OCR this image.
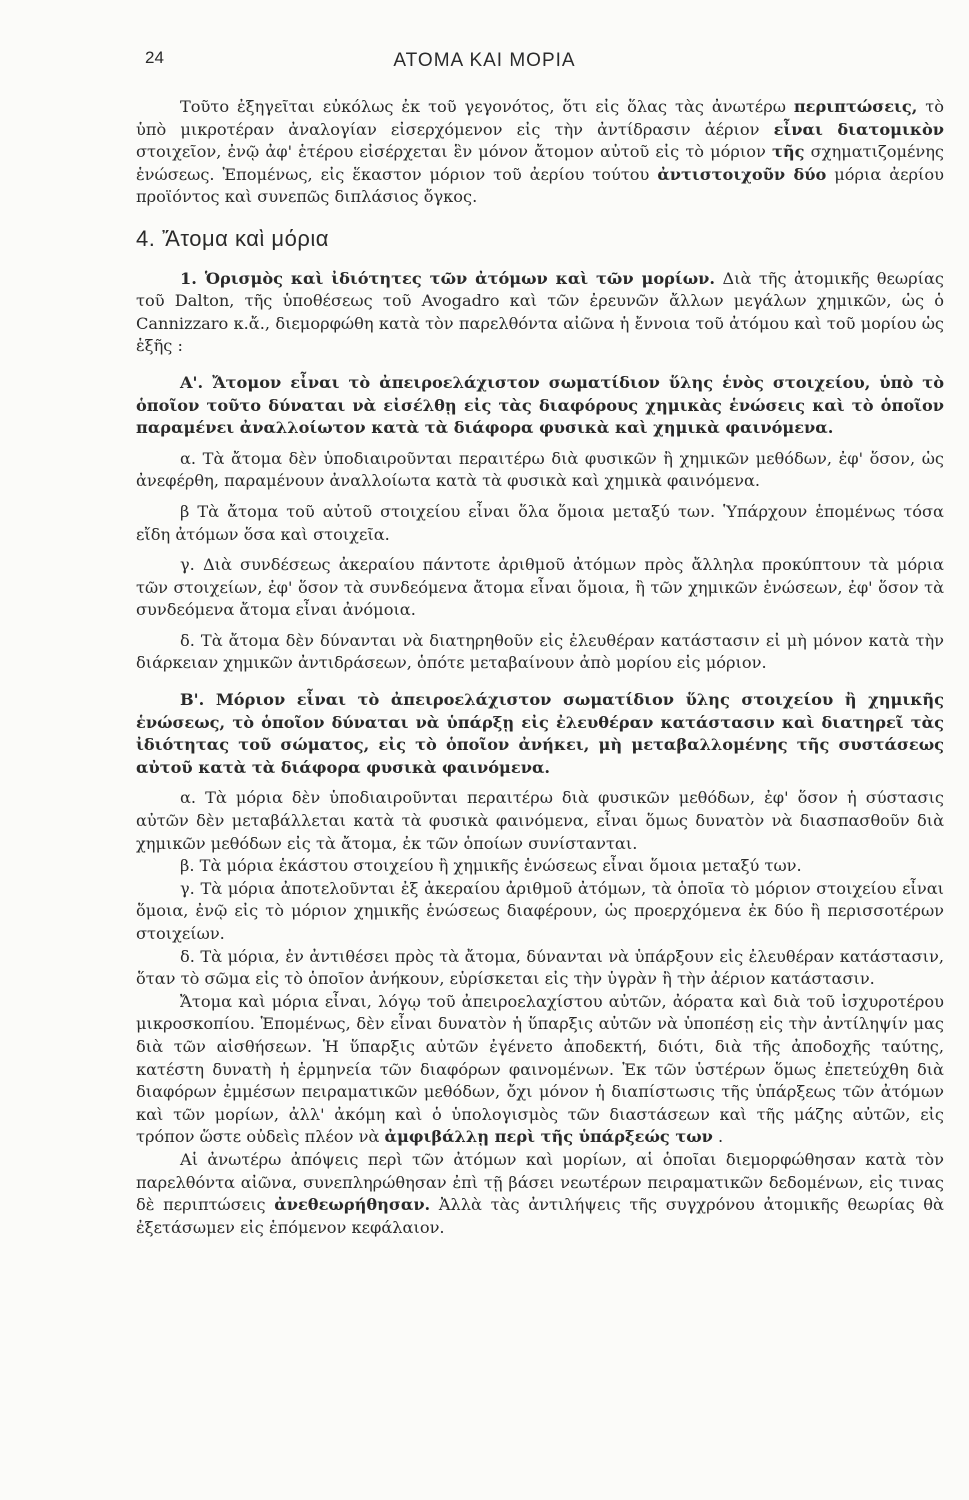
24	ΑΤΟΜΑ ΚΑΙ ΜΟΡΙΑ

Τοῦτο ἐξηγεῖται εὐκόλως ἐκ τοῦ γεγονότος, ὅτι εἰς ὅλας τὰς ἀνωτέρω περιπτώσεις, τὸ ὑπὸ μικροτέραν ἀναλογίαν εἰσερχόμενον εἰς τὴν ἀντίδρασιν ἀέριον εἶναι διατομικὸν στοιχεῖον, ἐνῷ ἀφ' ἑτέρου εἰσέρχεται ἓν μόνον ἄτομον αὐτοῦ εἰς τὸ μόριον τῆς σχηματιζομένης ἑνώσεως. Ἑπομένως, εἰς ἕκαστον μόριον τοῦ ἀερίου τούτου ἀντιστοιχοῦν δύο μόρια ἀερίου προϊόντος καὶ συνεπῶς διπλάσιος ὄγκος.

4. Ἄτομα καὶ μόρια

1. Ὁρισμὸς καὶ ἰδιότητες τῶν ἀτόμων καὶ τῶν μορίων. Διὰ τῆς ἀτομικῆς θεωρίας τοῦ Dalton, τῆς ὑποθέσεως τοῦ Avogadro καὶ τῶν ἐρευνῶν ἄλλων μεγάλων χημικῶν, ὡς ὁ Cannizzaro κ.ἄ., διεμορφώθη κατὰ τὸν παρελθόντα αἰῶνα ἡ ἔννοια τοῦ ἀτόμου καὶ τοῦ μορίου ὡς ἑξῆς :

Α'. Ἄτομον εἶναι τὸ ἀπειροελάχιστον σωματίδιον ὕλης ἑνὸς στοιχείου, ὑπὸ τὸ ὁποῖον τοῦτο δύναται νὰ εἰσέλθῃ εἰς τὰς διαφόρους χημικὰς ἑνώσεις καὶ τὸ ὁποῖον παραμένει ἀναλλοίωτον κατὰ τὰ διάφορα φυσικὰ καὶ χημικὰ φαινόμενα.

α. Τὰ ἄτομα δὲν ὑποδιαιροῦνται περαιτέρω διὰ φυσικῶν ἢ χημικῶν μεθόδων, ἐφ' ὅσον, ὡς ἀνεφέρθη, παραμένουν ἀναλλοίωτα κατὰ τὰ φυσικὰ καὶ χημικὰ φαινόμενα.

β Τὰ ἄτομα τοῦ αὐτοῦ στοιχείου εἶναι ὅλα ὅμοια μεταξύ των. Ὑπάρχουν ἑπομένως τόσα εἴδη ἀτόμων ὅσα καὶ στοιχεῖα.

γ. Διὰ συνδέσεως ἀκεραίου πάντοτε ἀριθμοῦ ἀτόμων πρὸς ἄλληλα προκύπτουν τὰ μόρια τῶν στοιχείων, ἐφ' ὅσον τὰ συνδεόμενα ἄτομα εἶναι ὅμοια, ἢ τῶν χημικῶν ἑνώσεων, ἐφ' ὅσον τὰ συνδεόμενα ἄτομα εἶναι ἀνόμοια.

δ. Τὰ ἄτομα δὲν δύνανται νὰ διατηρηθοῦν εἰς ἐλευθέραν κατάστασιν εἰ μὴ μόνον κατὰ τὴν διάρκειαν χημικῶν ἀντιδράσεων, ὁπότε μεταβαίνουν ἀπὸ μορίου εἰς μόριον.

Β'. Μόριον εἶναι τὸ ἀπειροελάχιστον σωματίδιον ὕλης στοιχείου ἢ χημικῆς ἑνώσεως, τὸ ὁποῖον δύναται νὰ ὑπάρξῃ εἰς ἐλευθέραν κατάστασιν καὶ διατηρεῖ τὰς ἰδιότητας τοῦ σώματος, εἰς τὸ ὁποῖον ἀνήκει, μὴ μεταβαλλομένης τῆς συστάσεως αὐτοῦ κατὰ τὰ διάφορα φυσικὰ φαινόμενα.

α. Τὰ μόρια δὲν ὑποδιαιροῦνται περαιτέρω διὰ φυσικῶν μεθόδων, ἐφ' ὅσον ἡ σύστασις αὐτῶν δὲν μεταβάλλεται κατὰ τὰ φυσικὰ φαινόμενα, εἶναι ὅμως δυνατὸν νὰ διασπασθοῦν διὰ χημικῶν μεθόδων εἰς τὰ ἄτομα, ἐκ τῶν ὁποίων συνίστανται.

β. Τὰ μόρια ἑκάστου στοιχείου ἢ χημικῆς ἑνώσεως εἶναι ὅμοια μεταξύ των.

γ. Τὰ μόρια ἀποτελοῦνται ἐξ ἀκεραίου ἀριθμοῦ ἀτόμων, τὰ ὁποῖα τὸ μόριον στοιχείου εἶναι ὅμοια, ἐνῷ εἰς τὸ μόριον χημικῆς ἑνώσεως διαφέρουν, ὡς προερχόμενα ἐκ δύο ἢ περισσοτέρων στοιχείων.

δ. Τὰ μόρια, ἐν ἀντιθέσει πρὸς τὰ ἄτομα, δύνανται νὰ ὑπάρξουν εἰς ἐλευθέραν κατάστασιν, ὅταν τὸ σῶμα εἰς τὸ ὁποῖον ἀνήκουν, εὑρίσκεται εἰς τὴν ὑγρὰν ἢ τὴν ἀέριον κατάστασιν.

Ἄτομα καὶ μόρια εἶναι, λόγῳ τοῦ ἀπειροελαχίστου αὐτῶν, ἀόρατα καὶ διὰ τοῦ ἰσχυροτέρου μικροσκοπίου. Ἑπομένως, δὲν εἶναι δυνατὸν ἡ ὕπαρξις αὐτῶν νὰ ὑποπέσῃ εἰς τὴν ἀντίληψίν μας διὰ τῶν αἰσθήσεων. Ἡ ὕπαρξις αὐτῶν ἐγένετο ἀποδεκτή, διότι, διὰ τῆς ἀποδοχῆς ταύτης, κατέστη δυνατὴ ἡ ἑρμηνεία τῶν διαφόρων φαινομένων. Ἐκ τῶν ὑστέρων ὅμως ἐπετεύχθη διὰ διαφόρων ἐμμέσων πειραματικῶν μεθόδων, ὄχι μόνον ἡ διαπίστωσις τῆς ὑπάρξεως τῶν ἀτόμων καὶ τῶν μορίων, ἀλλ' ἀκόμη καὶ ὁ ὑπολογισμὸς τῶν διαστάσεων καὶ τῆς μάζης αὐτῶν, εἰς τρόπον ὥστε οὐδεὶς πλέον νὰ ἀμφιβάλλῃ περὶ τῆς ὑπάρξεώς των .

Αἱ ἀνωτέρω ἀπόψεις περὶ τῶν ἀτόμων καὶ μορίων, αἱ ὁποῖαι διεμορφώθησαν κατὰ τὸν παρελθόντα αἰῶνα, συνεπληρώθησαν ἐπὶ τῇ βάσει νεωτέρων πειραματικῶν δεδομένων, εἰς τινας δὲ περιπτώσεις ἀνεθεωρήθησαν. Ἀλλὰ τὰς ἀντιλήψεις τῆς συγχρόνου ἀτομικῆς θεωρίας θὰ ἐξετάσωμεν εἰς ἑπόμενον κεφάλαιον.
